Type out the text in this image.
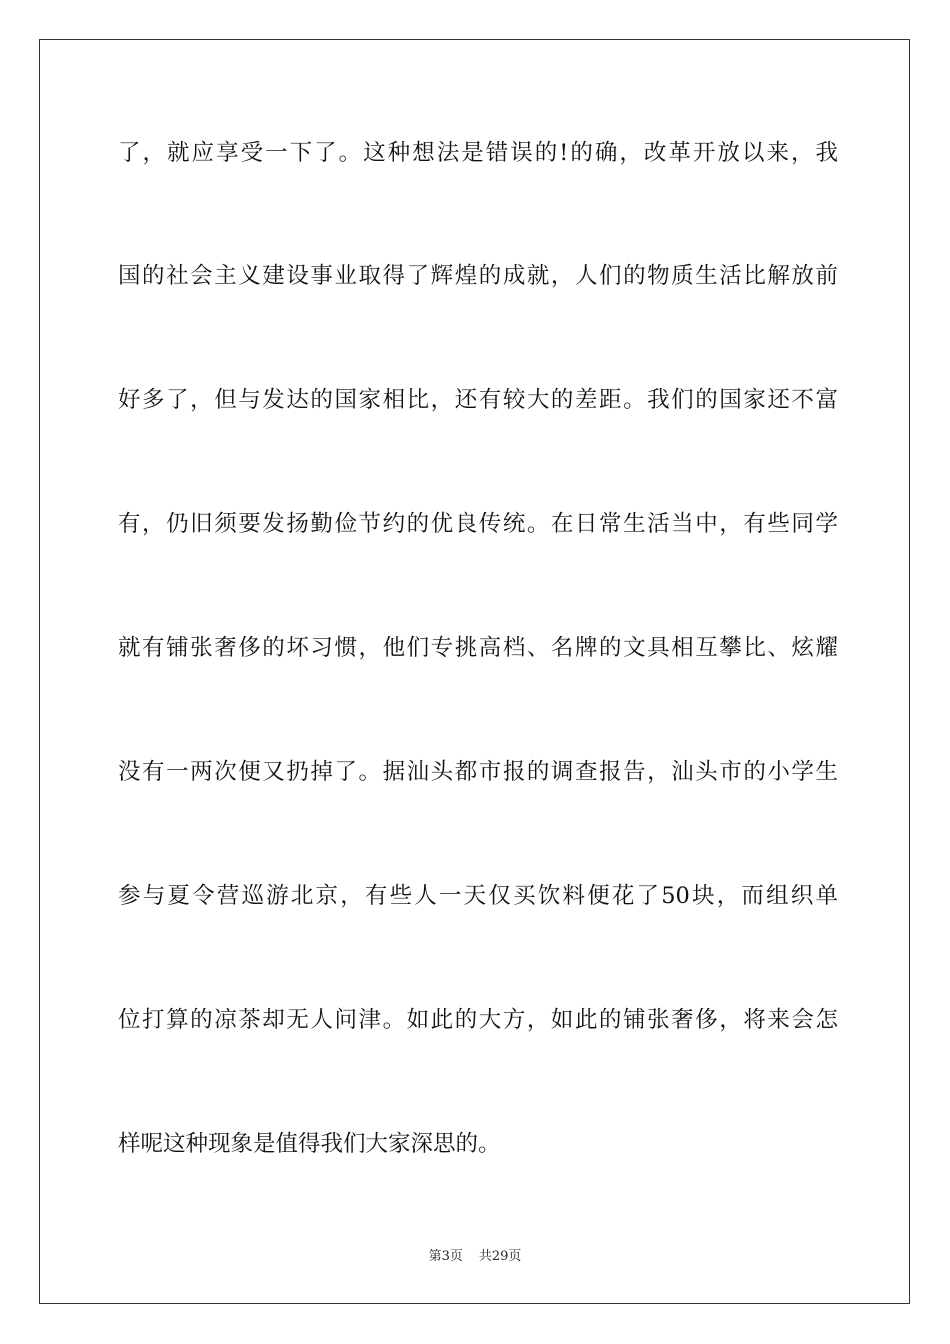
了，就应享受一下了。这种想法是错误的!的确，改革开放以来，我
国的社会主义建设事业取得了辉煌的成就，人们的物质生活比解放前
好多了，但与发达的国家相比，还有较大的差距。我们的国家还不富
有，仍旧须要发扬勤俭节约的优良传统。在日常生活当中，有些同学
就有铺张奢侈的坏习惯，他们专挑高档、名牌的文具相互攀比、炫耀
没有一两次便又扔掉了。据汕头都市报的调查报告，汕头市的小学生
参与夏令营巡游北京，有些人一天仅买饮料便花了50块，而组织单
位打算的凉茶却无人问津。如此的大方，如此的铺张奢侈，将来会怎
样呢这种现象是值得我们大家深思的。
第3页 共29页
